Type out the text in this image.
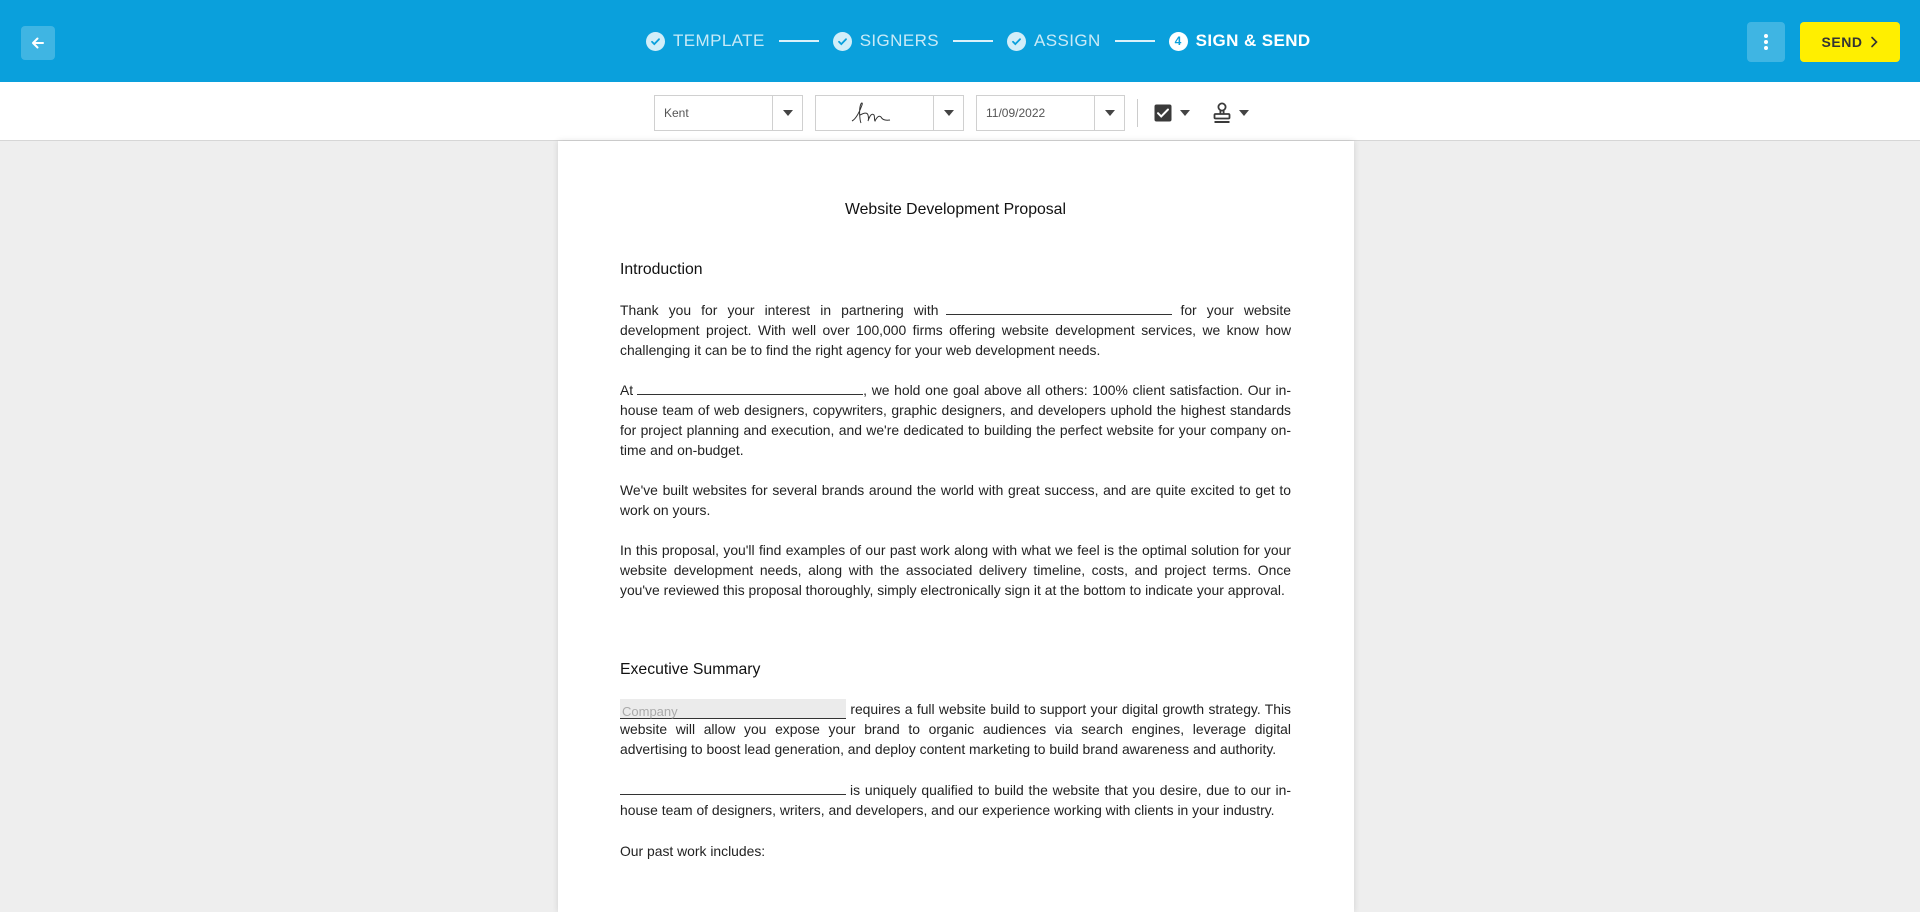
TEMPLATE	SIGNERS	ASSIGN	4 SIGN & SEND	SEND
Kent	11/09/2022
Website Development Proposal
Introduction
Thank you for your interest in partnering with	for your website development project. With well over 100,000 firms offering website development services, we know how challenging it can be to find the right agency for your web development needs.
At	, we hold one goal above all others: 100% client satisfaction. Our in-house team of web designers, copywriters, graphic designers, and developers uphold the highest standards for project planning and execution, and we're dedicated to building the perfect website for your company on-time and on-budget.
We've built websites for several brands around the world with great success, and are quite excited to get to work on yours.
In this proposal, you'll find examples of our past work along with what we feel is the optimal solution for your website development needs, along with the associated delivery timeline, costs, and project terms. Once you've reviewed this proposal thoroughly, simply electronically sign it at the bottom to indicate your approval.
Executive Summary
Company	requires a full website build to support your digital growth strategy. This website will allow you expose your brand to organic audiences via search engines, leverage digital advertising to boost lead generation, and deploy content marketing to build brand awareness and authority.
is uniquely qualified to build the website that you desire, due to our in-house team of designers, writers, and developers, and our experience working with clients in your industry.
Our past work includes:
